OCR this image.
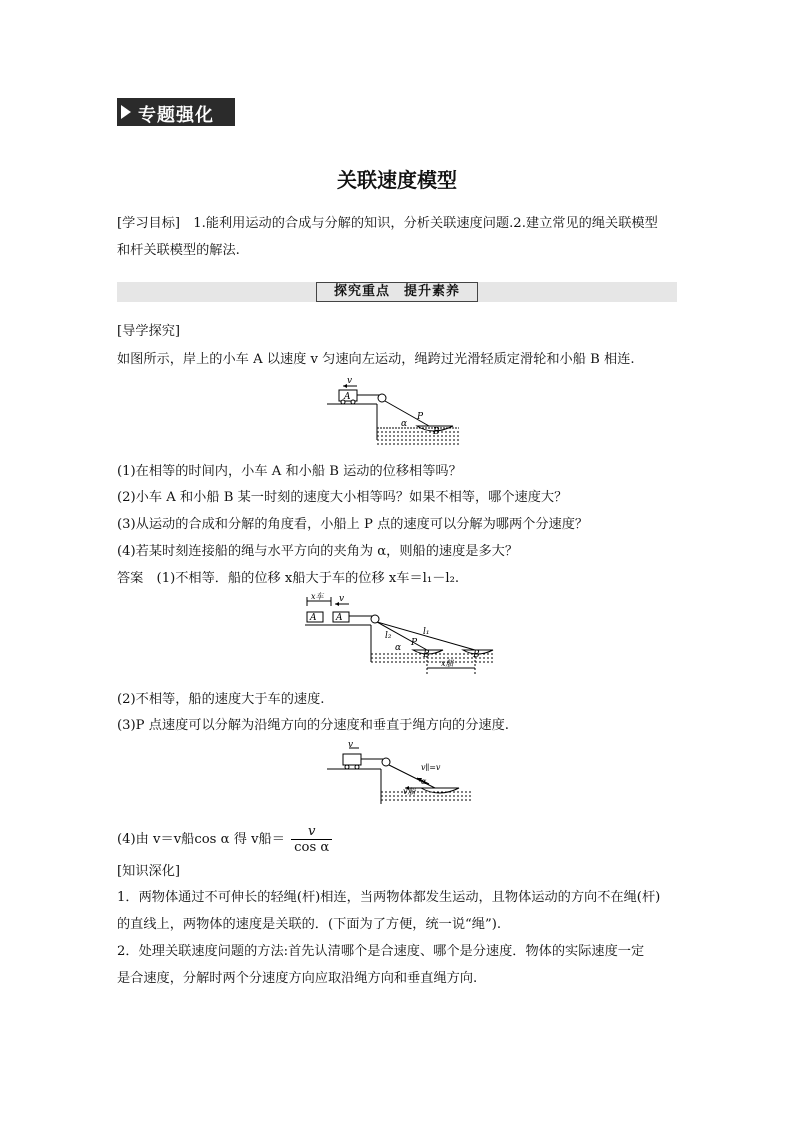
专题强化
关联速度模型
[学习目标]　1.能利用运动的合成与分解的知识，分析关联速度问题.2.建立常见的绳关联模型
和杆关联模型的解法.
探究重点　提升素养
[导学探究]
如图所示，岸上的小车 A 以速度 v 匀速向左运动，绳跨过光滑轻质定滑轮和小船 B 相连.
A
v
P
α
B
(1)在相等的时间内，小车 A 和小船 B 运动的位移相等吗？
(2)小车 A 和小船 B 某一时刻的速度大小相等吗？如果不相等，哪个速度大？
(3)从运动的合成和分解的角度看，小船上 P 点的速度可以分解为哪两个分速度？
(4)若某时刻连接船的绳与水平方向的夹角为 α，则船的速度是多大？
答案　(1)不相等．船的位移 x船大于车的位移 x车＝l₁－l₂.
x车 v
A A
l₂	l₁
P
α
B	B
x船
(2)不相等，船的速度大于车的速度.
(3)P 点速度可以分解为沿绳方向的分速度和垂直于绳方向的分速度.
v
v∥=v
α
v船
(4)由 v＝v船cos α 得 v船＝ $\frac{v}{\text{cos α}}$
[知识深化]
1．两物体通过不可伸长的轻绳(杆)相连，当两物体都发生运动，且物体运动的方向不在绳(杆)
的直线上，两物体的速度是关联的．(下面为了方便，统一说“绳”).
2．处理关联速度问题的方法:首先认清哪个是合速度、哪个是分速度．物体的实际速度一定
是合速度，分解时两个分速度方向应取沿绳方向和垂直绳方向.
